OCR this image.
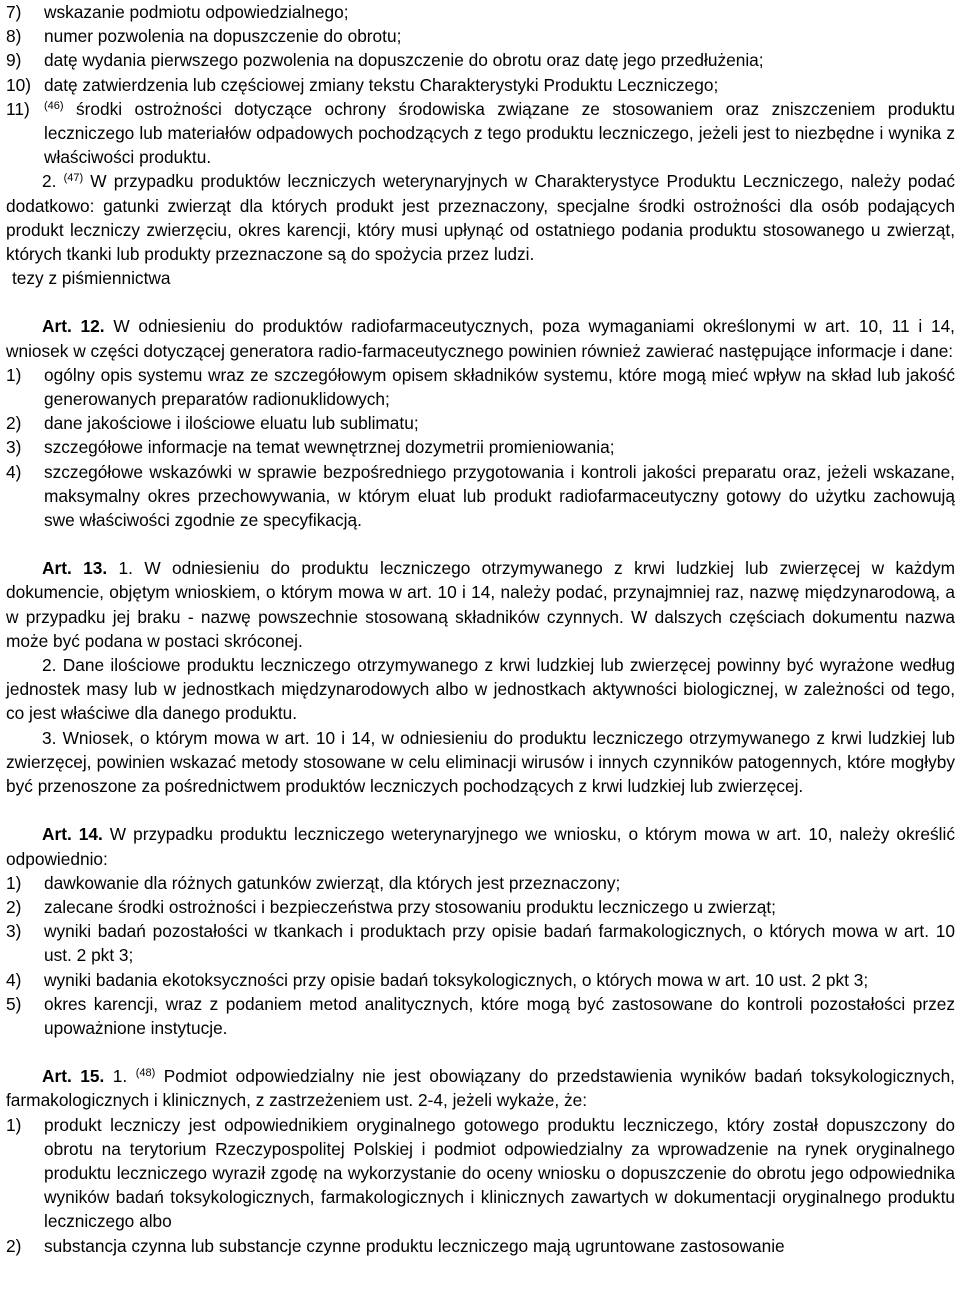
7)	wskazanie podmiotu odpowiedzialnego;
8)	numer pozwolenia na dopuszczenie do obrotu;
9)	datę wydania pierwszego pozwolenia na dopuszczenie do obrotu oraz datę jego przedłużenia;
10) datę zatwierdzenia lub częściowej zmiany tekstu Charakterystyki Produktu Leczniczego;
11)	$^{(46)}$ środki ostrożności dotyczące ochrony środowiska związane ze stosowaniem oraz zniszczeniem produktu leczniczego lub materiałów odpadowych pochodzących z tego produktu leczniczego, jeżeli jest to niezbędne i wynika z właściwości produktu.

2. $^{(47)}$ W przypadku produktów leczniczych weterynaryjnych w Charakterystyce Produktu Leczniczego, należy podać dodatkowo: gatunki zwierząt dla których produkt jest przeznaczony, specjalne środki ostrożności dla osób podających produkt leczniczy zwierzęciu, okres karencji, który musi upłynąć od ostatniego podania produktu stosowanego u zwierząt, których tkanki lub produkty przeznaczone są do spożycia przez ludzi.

tezy z piśmiennictwa

Art. 12. W odniesieniu do produktów radiofarmaceutycznych, poza wymaganiami określonymi w art. 10, 11 i 14, wniosek w części dotyczącej generatora radio-farmaceutycznego powinien również zawierać następujące informacje i dane:

1)	ogólny opis systemu wraz ze szczegółowym opisem składników systemu, które mogą mieć wpływ na skład lub jakość generowanych preparatów radionuklidowych;
2)	dane jakościowe i ilościowe eluatu lub sublimatu;
3)	szczegółowe informacje na temat wewnętrznej dozymetrii promieniowania;
4)	szczegółowe wskazówki w sprawie bezpośredniego przygotowania i kontroli jakości preparatu oraz, jeżeli wskazane, maksymalny okres przechowywania, w którym eluat lub produkt radiofarmaceutyczny gotowy do użytku zachowują swe właściwości zgodnie ze specyfikacją.

Art. 13. 1. W odniesieniu do produktu leczniczego otrzymywanego z krwi ludzkiej lub zwierzęcej w każdym dokumencie, objętym wnioskiem, o którym mowa w art. 10 i 14, należy podać, przynajmniej raz, nazwę międzynarodową, a w przypadku jej braku - nazwę powszechnie stosowaną składników czynnych. W dalszych częściach dokumentu nazwa może być podana w postaci skróconej.

2. Dane ilościowe produktu leczniczego otrzymywanego z krwi ludzkiej lub zwierzęcej powinny być wyrażone według jednostek masy lub w jednostkach międzynarodowych albo w jednostkach aktywności biologicznej, w zależności od tego, co jest właściwe dla danego produktu.

3. Wniosek, o którym mowa w art. 10 i 14, w odniesieniu do produktu leczniczego otrzymywanego z krwi ludzkiej lub zwierzęcej, powinien wskazać metody stosowane w celu eliminacji wirusów i innych czynników patogennych, które mogłyby być przenoszone za pośrednictwem produktów leczniczych pochodzących z krwi ludzkiej lub zwierzęcej.

Art. 14. W przypadku produktu leczniczego weterynaryjnego we wniosku, o którym mowa w art. 10, należy określić odpowiednio:

1)	dawkowanie dla różnych gatunków zwierząt, dla których jest przeznaczony;
2)	zalecane środki ostrożności i bezpieczeństwa przy stosowaniu produktu leczniczego u zwierząt;
3)	wyniki badań pozostałości w tkankach i produktach przy opisie badań farmakologicznych, o których mowa w art. 10 ust. 2 pkt 3;
4)	wyniki badania ekotoksyczności przy opisie badań toksykologicznych, o których mowa w art. 10 ust. 2 pkt 3;
5)	okres karencji, wraz z podaniem metod analitycznych, które mogą być zastosowane do kontroli pozostałości przez upoważnione instytucje.

Art. 15. 1. $^{(48)}$ Podmiot odpowiedzialny nie jest obowiązany do przedstawienia wyników badań toksykologicznych, farmakologicznych i klinicznych, z zastrzeżeniem ust. 2-4, jeżeli wykaże, że:

1)	produkt leczniczy jest odpowiednikiem oryginalnego gotowego produktu leczniczego, który został dopuszczony do obrotu na terytorium Rzeczypospolitej Polskiej i podmiot odpowiedzialny za wprowadzenie na rynek oryginalnego produktu leczniczego wyraził zgodę na wykorzystanie do oceny wniosku o dopuszczenie do obrotu jego odpowiednika wyników badań toksykologicznych, farmakologicznych i klinicznych zawartych w dokumentacji oryginalnego produktu leczniczego albo
2)	substancja czynna lub substancje czynne produktu leczniczego mają ugruntowane zastosowanie
